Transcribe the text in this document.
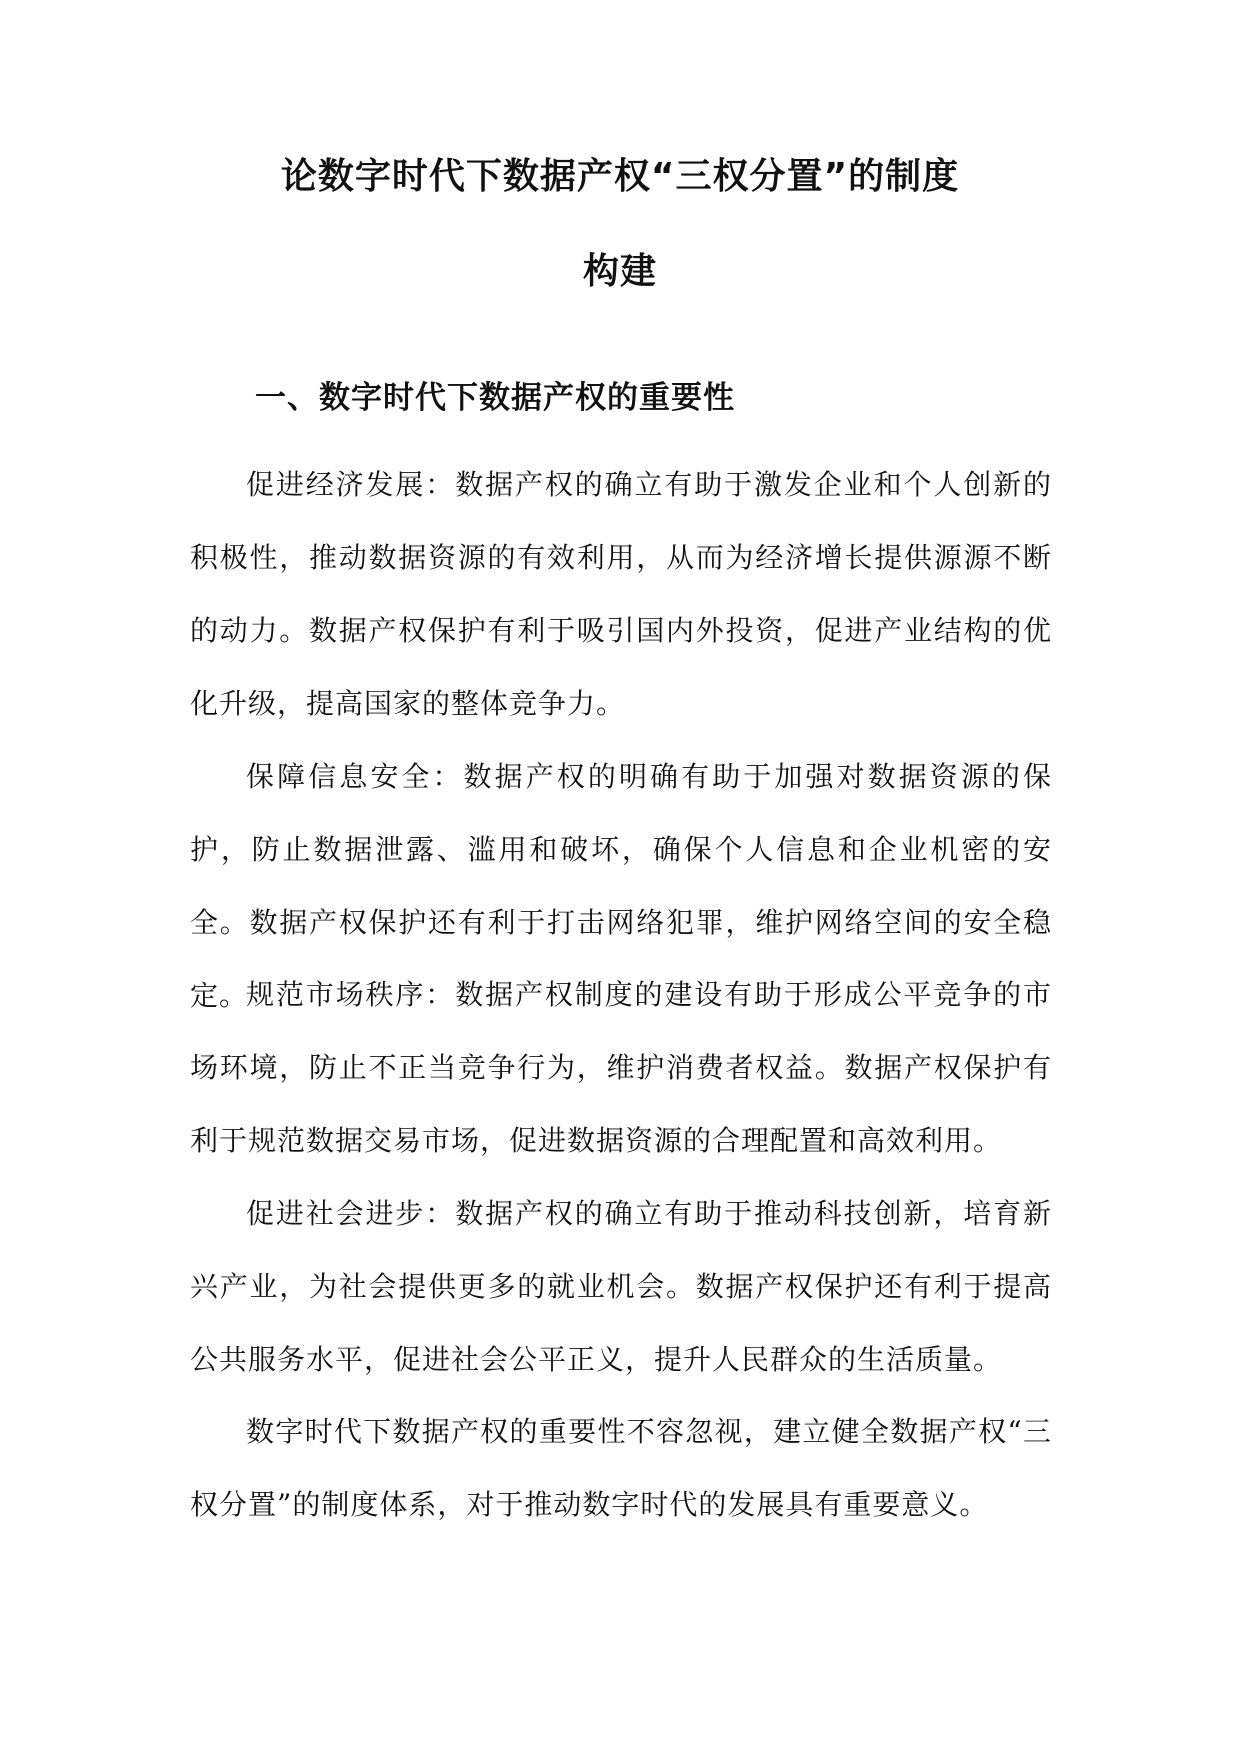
论数字时代下数据产权“三权分置”的制度
构建
一、数字时代下数据产权的重要性

促进经济发展：数据产权的确立有助于激发企业和个人创新的积极性，推动数据资源的有效利用，从而为经济增长提供源源不断的动力。数据产权保护有利于吸引国内外投资，促进产业结构的优化升级，提高国家的整体竞争力。

保障信息安全：数据产权的明确有助于加强对数据资源的保护，防止数据泄露、滥用和破坏，确保个人信息和企业机密的安全。数据产权保护还有利于打击网络犯罪，维护网络空间的安全稳定。

规范市场秩序：数据产权制度的建设有助于形成公平竞争的市场环境，防止不正当竞争行为，维护消费者权益。数据产权保护有利于规范数据交易市场，促进数据资源的合理配置和高效利用。

促进社会进步：数据产权的确立有助于推动科技创新，培育新兴产业，为社会提供更多的就业机会。数据产权保护还有利于提高公共服务水平，促进社会公平正义，提升人民群众的生活质量。

数字时代下数据产权的重要性不容忽视，建立健全数据产权“三权分置”的制度体系，对于推动数字时代的发展具有重要意义。
